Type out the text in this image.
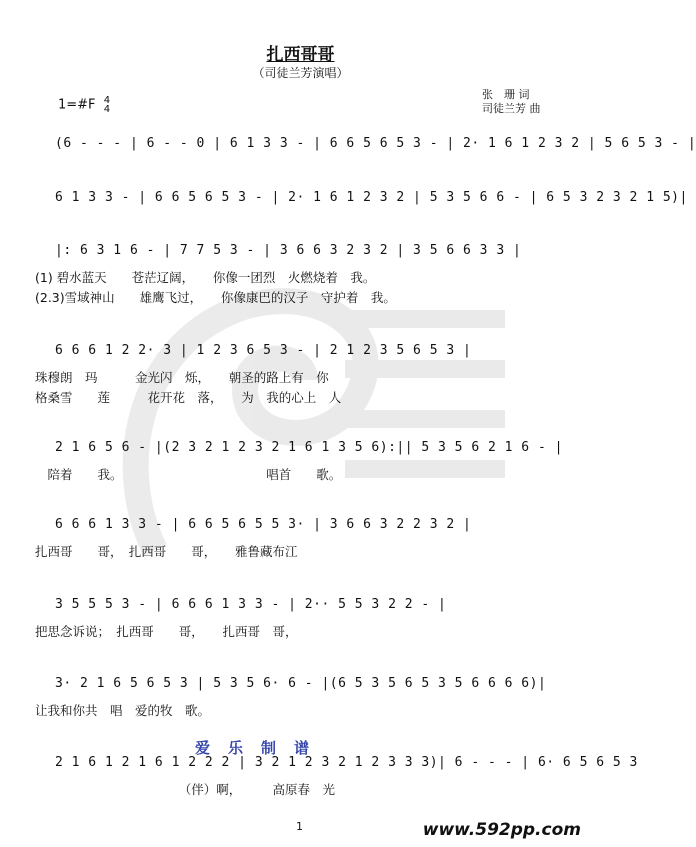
扎西哥哥
（司徒兰芳演唱）
张　珊 词
司徒兰芳 曲
1=#F 4
4
(6 - - - | 6 - - 0 | 6 1 3 3 - | 6 6 5 6 5 3 - | 2· 1 6 1 2 3 2 | 5 6 5 3 - |
6 1 3 3 - | 6 6 5 6 5 3 - | 2· 1 6 1 2 3 2 | 5 3 5 6 6 - | 6 5 3 2 3 2 1 5)|
|: 6 3 1 6 - | 7 7 5 3 - | 3 6 6 3 2 3 2 | 3 5 6 6 3 3 |
(1) 碧水蓝天　　苍茫辽阔，　　你像一团烈　火燃烧着　我。
(2.3)雪域神山　　雄鹰飞过，　　你像康巴的汉子　守护着　我。
6 6 6 1 2 2· 3 | 1 2 3 6 5 3 - | 2 1 2 3 5 6 5 3 |
珠穆朗　玛　　　金光闪　烁，　　朝圣的路上有　你
格桑雪　　莲　　　花开花　落，　　为　我的心上　人
2 1 6 5 6 - |(2 3 2 1 2 3 2 1 6 1 3 5 6):|| 5 3 5 6 2 1 6 - |
　陪着　　我。　　　　　　　　　　　　唱首　　歌。
6 6 6 1 3 3 - | 6 6 5 6 5 5 3· | 3 6 6 3 2 2 3 2 |
扎西哥　　哥，　扎西哥　　哥，　　雅鲁藏布江
3 5 5 5 3 - | 6 6 6 1 3 3 - | 2·· 5 5 3 2 2 - |
把思念诉说；　扎西哥　　哥，　　扎西哥　哥，
3· 2 1 6 5 6 5 3 | 5 3 5 6· 6 - |(6 5 3 5 6 5 3 5 6 6 6 6)|
让我和你共　唱　爱的牧　歌。
爱乐制谱
2 1 6 1 2 1 6 1 2 2 2 | 3 2 1 2 3 2 1 2 3 3 3)| 6 - - - | 6· 6 5 6 5 3
　　　　　　　　　　　　（伴）啊，　　　高原春　光
1	www.592pp.com
